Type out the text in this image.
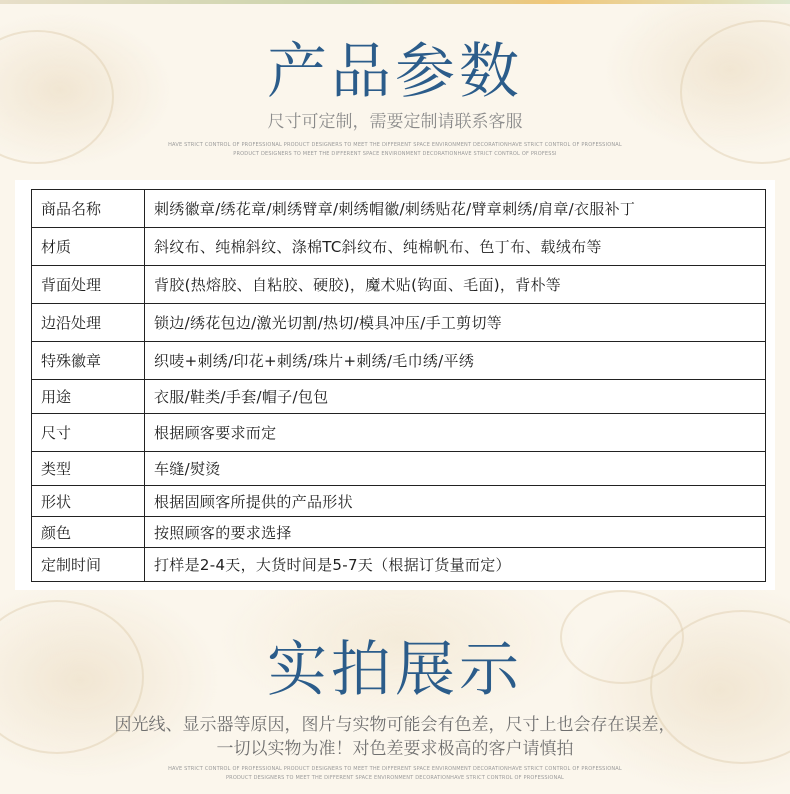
产品参数

尺寸可定制，需要定制请联系客服

HAVE STRICT CONTROL OF PROFESSIONAL PRODUCT DESIGNERS TO MEET THE DIFFERENT SPACE ENVIRONMENT DECORATIONHAVE STRICT CONTROL OF PROFESSIONAL

PRODUCT DESIGNERS TO MEET THE DIFFERENT SPACE ENVIRONMENT DECORATIONHAVE STRICT CONTROL OF PROFESSI

商品名称	刺绣徽章/绣花章/刺绣臂章/刺绣帽徽/刺绣贴花/臂章刺绣/肩章/衣服补丁
材质	斜纹布、纯棉斜纹、涤棉TC斜纹布、纯棉帆布、色丁布、载绒布等
背面处理	背胶(热熔胶、自粘胶、硬胶)，魔术贴(钩面、毛面)，背朴等
边沿处理	锁边/绣花包边/激光切割/热切/模具冲压/手工剪切等
特殊徽章	织唛+刺绣/印花+刺绣/珠片+刺绣/毛巾绣/平绣
用途	衣服/鞋类/手套/帽子/包包
尺寸	根据顾客要求而定
类型	车缝/熨烫
形状	根据固顾客所提供的产品形状
颜色	按照顾客的要求选择
定制时间	打样是2-4天，大货时间是5-7天（根据订货量而定）
实拍展示

因光线、显示器等原因，图片与实物可能会有色差，尺寸上也会存在误差，

一切以实物为准！对色差要求极高的客户请慎拍

HAVE STRICT CONTROL OF PROFESSIONAL PRODUCT DESIGNERS TO MEET THE DIFFERENT SPACE ENVIRONMENT DECORATIONHAVE STRICT CONTROL OF PROFESSIONAL

PRODUCT DESIGNERS TO MEET THE DIFFERENT SPACE ENVIRONMENT DECORATIONHAVE STRICT CONTROL OF PROFESSIONAL
